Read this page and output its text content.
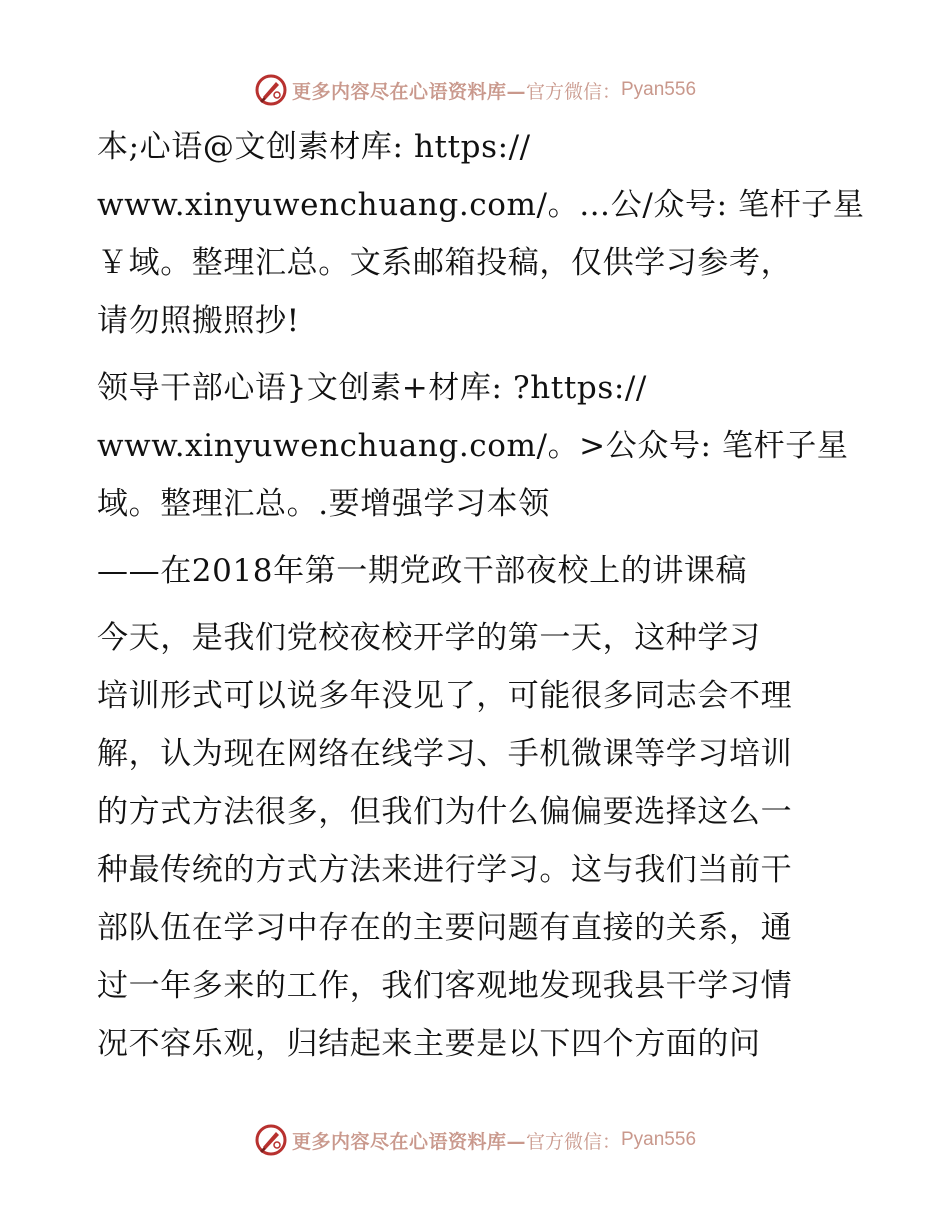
更多内容尽在心语资料库— 官方微信： Pyan556

本;心语@文创素材库: https://
www.xinyuwenchuang.com/。…公/众号: 笔杆子星
￥域。整理汇总。文系邮箱投稿，仅供学习参考，
请勿照搬照抄!

领导干部心语}文创素+材库: ?https://
www.xinyuwenchuang.com/。>公众号: 笔杆子星
域。整理汇总。.要增强学习本领

——在2018年第一期党政干部夜校上的讲课稿

今天，是我们党校夜校开学的第一天，这种学习
培训形式可以说多年没见了，可能很多同志会不理
解，认为现在网络在线学习、手机微课等学习培训
的方式方法很多，但我们为什么偏偏要选择这么一
种最传统的方式方法来进行学习。这与我们当前干
部队伍在学习中存在的主要问题有直接的关系，通
过一年多来的工作，我们客观地发现我县干学习情
况不容乐观，归结起来主要是以下四个方面的问

更多内容尽在心语资料库— 官方微信： Pyan556
